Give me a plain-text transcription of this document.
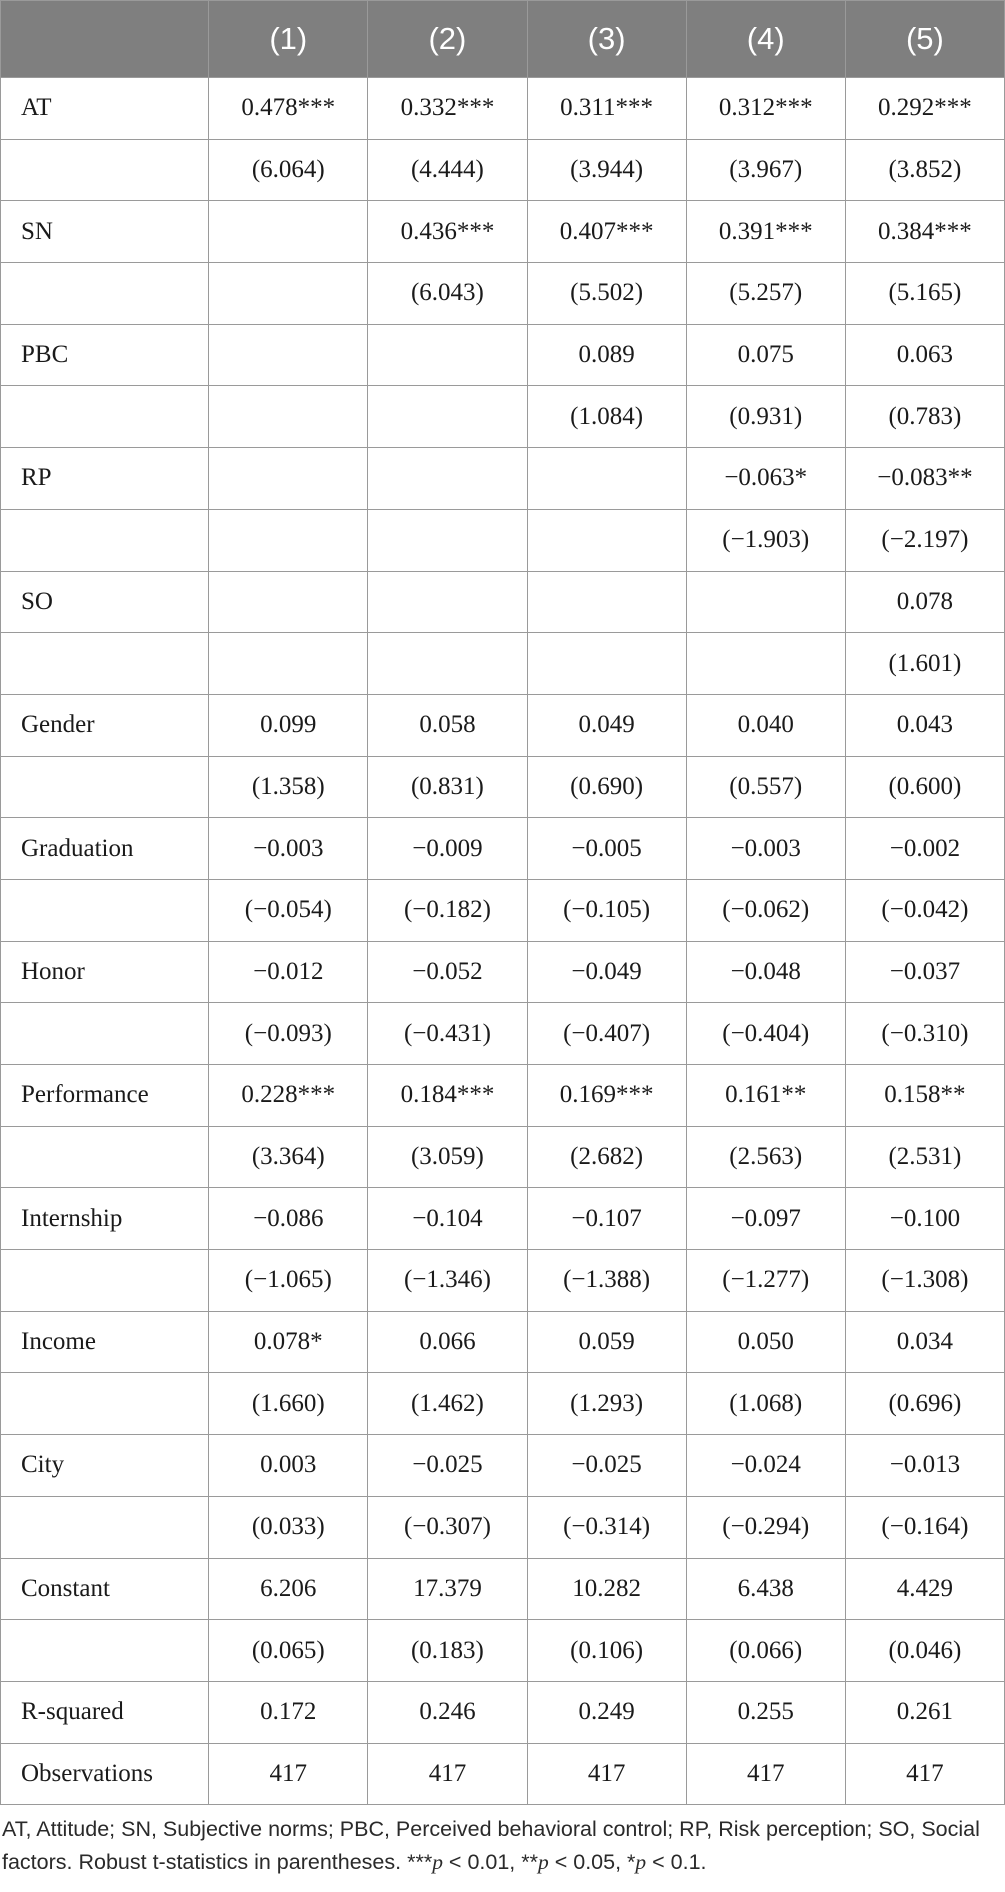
	(1)	(2)	(3)	(4)	(5)
AT	0.478***	0.332***	0.311***	0.312***	0.292***
	(6.064)	(4.444)	(3.944)	(3.967)	(3.852)
SN		0.436***	0.407***	0.391***	0.384***
		(6.043)	(5.502)	(5.257)	(5.165)
PBC			0.089	0.075	0.063
			(1.084)	(0.931)	(0.783)
RP				−0.063*	−0.083**
				(−1.903)	(−2.197)
SO					0.078
					(1.601)
Gender	0.099	0.058	0.049	0.040	0.043
	(1.358)	(0.831)	(0.690)	(0.557)	(0.600)
Graduation	−0.003	−0.009	−0.005	−0.003	−0.002
	(−0.054)	(−0.182)	(−0.105)	(−0.062)	(−0.042)
Honor	−0.012	−0.052	−0.049	−0.048	−0.037
	(−0.093)	(−0.431)	(−0.407)	(−0.404)	(−0.310)
Performance	0.228***	0.184***	0.169***	0.161**	0.158**
	(3.364)	(3.059)	(2.682)	(2.563)	(2.531)
Internship	−0.086	−0.104	−0.107	−0.097	−0.100
	(−1.065)	(−1.346)	(−1.388)	(−1.277)	(−1.308)
Income	0.078*	0.066	0.059	0.050	0.034
	(1.660)	(1.462)	(1.293)	(1.068)	(0.696)
City	0.003	−0.025	−0.025	−0.024	−0.013
	(0.033)	(−0.307)	(−0.314)	(−0.294)	(−0.164)
Constant	6.206	17.379	10.282	6.438	4.429
	(0.065)	(0.183)	(0.106)	(0.066)	(0.046)
R-squared	0.172	0.246	0.249	0.255	0.261
Observations	417	417	417	417	417
AT, Attitude; SN, Subjective norms; PBC, Perceived behavioral control; RP, Risk perception; SO, Social factors. Robust t-statistics in parentheses. ***p < 0.01, **p < 0.05, *p < 0.1.
